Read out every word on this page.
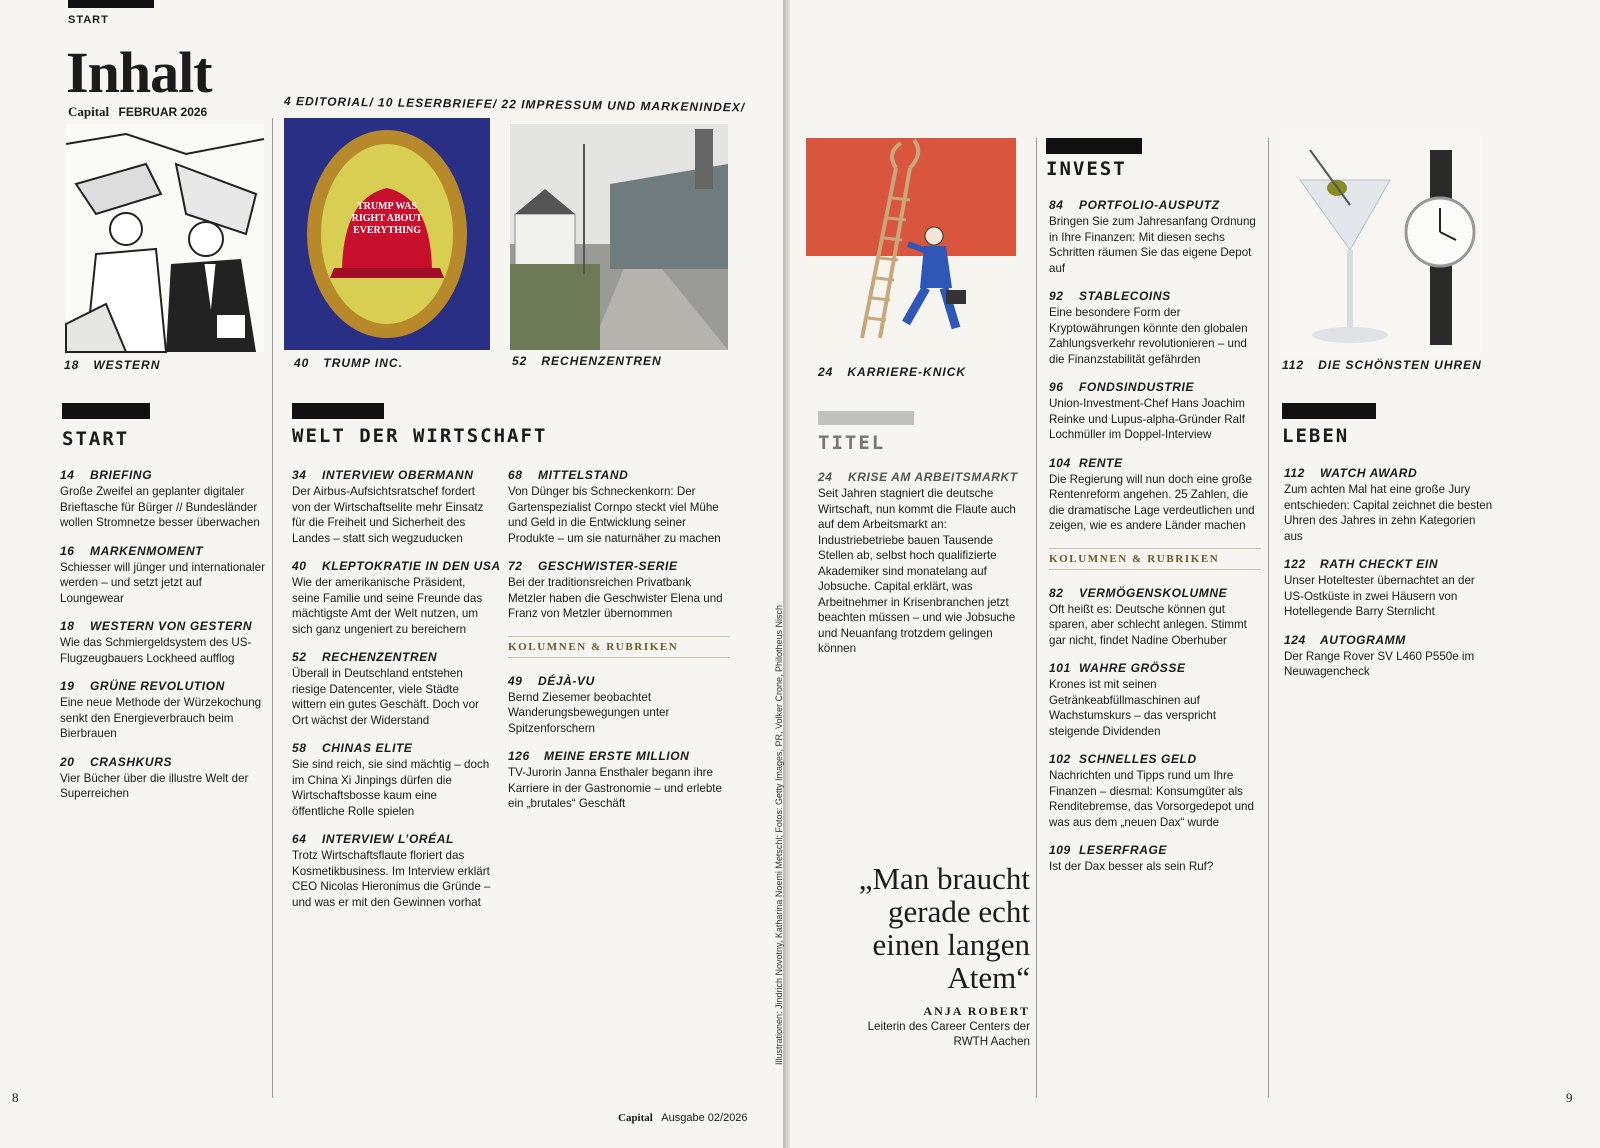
START
Inhalt
Capital FEBRUAR 2026	4 EDITORIAL/ 10 LESERBRIEFE/ 22 IMPRESSUM UND MARKENINDEX/
TRUMP WAS
RIGHT ABOUT
EVERYTHING
18 WESTERN	40 TRUMP INC.	52 RECHENZENTREN
START
14 BRIEFING
Große Zweifel an geplanter digitaler Brieftasche für Bürger // Bundesländer wollen Stromnetze besser überwachen
16 MARKENMOMENT
Schiesser will jünger und internationaler werden – und setzt jetzt auf Loungewear
18 WESTERN VON GESTERN
Wie das Schmiergeldsystem des US-Flugzeugbauers Lockheed aufflog
19 GRÜNE REVOLUTION
Eine neue Methode der Würzekochung senkt den Energieverbrauch beim Bierbrauen
20 CRASHKURS
Vier Bücher über die illustre Welt der Superreichen
WELT DER WIRTSCHAFT
34 INTERVIEW OBERMANN
Der Airbus-Aufsichtsratschef fordert von der Wirtschaftselite mehr Einsatz für die Freiheit und Sicherheit des Landes – statt sich wegzuducken
40 KLEPTOKRATIE IN DEN USA
Wie der amerikanische Präsident, seine Familie und seine Freunde das mächtigste Amt der Welt nutzen, um sich ganz ungeniert zu bereichern
52 RECHENZENTREN
Überall in Deutschland entstehen riesige Datencenter, viele Städte wittern ein gutes Geschäft. Doch vor Ort wächst der Widerstand
58 CHINAS ELITE
Sie sind reich, sie sind mächtig – doch im China Xi Jinpings dürfen die Wirtschaftsbosse kaum eine öffentliche Rolle spielen
64 INTERVIEW L’ORÉAL
Trotz Wirtschaftsflaute floriert das Kosmetikbusiness. Im Interview erklärt CEO Nicolas Hieronimus die Gründe – und was er mit den Gewinnen vorhat
68 MITTELSTAND
Von Dünger bis Schneckenkorn: Der Gartenspezialist Cornpo steckt viel Mühe und Geld in die Entwicklung seiner Produkte – um sie naturnäher zu machen
72 GESCHWISTER-SERIE
Bei der traditionsreichen Privatbank Metzler haben die Geschwister Elena und Franz von Metzler übernommen
KOLUMNEN & RUBRIKEN
49 DÉJÀ-VU
Bernd Ziesemer beobachtet Wanderungsbewegungen unter Spitzenforschern
126 MEINE ERSTE MILLION
TV-Jurorin Janna Ensthaler begann ihre Karriere in der Gastronomie – und erlebte ein „brutales“ Geschäft
8
24 KARRIERE-KNICK
TITEL
24 KRISE AM ARBEITSMARKT
Seit Jahren stagniert die deutsche Wirtschaft, nun kommt die Flaute auch auf dem Arbeitsmarkt an: Industriebetriebe bauen Tausende Stellen ab, selbst hoch qualifizierte Akademiker sind monatelang auf Jobsuche. Capital erklärt, was Arbeitnehmer in Krisenbranchen jetzt beachten müssen – und wie Jobsuche und Neuanfang trotzdem gelingen können
Illustrationen: Jindrich Novotny, Katharina Noemi Metschl; Fotos: Getty Images, PR, Volker Crone, Philotheus Nisch	„Man braucht gerade echt einen langen Atem“
ANJA ROBERT
Leiterin des Career Centers der RWTH Aachen
INVEST
84 PORTFOLIO-AUSPUTZ
Bringen Sie zum Jahresanfang Ordnung in Ihre Finanzen: Mit diesen sechs Schritten räumen Sie das eigene Depot auf
92 STABLECOINS
Eine besondere Form der Kryptowährungen könnte den globalen Zahlungsverkehr revolutionieren – und die Finanzstabilität gefährden
96 FONDSINDUSTRIE
Union-Investment-Chef Hans Joachim Reinke und Lupus-alpha-Gründer Ralf Lochmüller im Doppel-Interview
104 RENTE
Die Regierung will nun doch eine große Rentenreform angehen. 25 Zahlen, die die dramatische Lage verdeutlichen und zeigen, wie es andere Länder machen
KOLUMNEN & RUBRIKEN
82 VERMÖGENSKOLUMNE
Oft heißt es: Deutsche können gut sparen, aber schlecht anlegen. Stimmt gar nicht, findet Nadine Oberhuber
101 WAHRE GRÖSSE
Krones ist mit seinen Getränkeabfüllmaschinen auf Wachstumskurs – das verspricht steigende Dividenden
102 SCHNELLES GELD
Nachrichten und Tipps rund um Ihre Finanzen – diesmal: Konsumgüter als Renditebremse, das Vorsorgedepot und was aus dem „neuen Dax“ wurde
109 LESERFRAGE
Ist der Dax besser als sein Ruf?
112 DIE SCHÖNSTEN UHREN
LEBEN
112 WATCH AWARD
Zum achten Mal hat eine große Jury entschieden: Capital zeichnet die besten Uhren des Jahres in zehn Kategorien aus
122 RATH CHECKT EIN
Unser Hoteltester übernachtet an der US-Ostküste in zwei Häusern von Hotellegende Barry Sternlicht
124 AUTOGRAMM
Der Range Rover SV L460 P550e im Neuwagencheck
Capital Ausgabe 02/2026
9
